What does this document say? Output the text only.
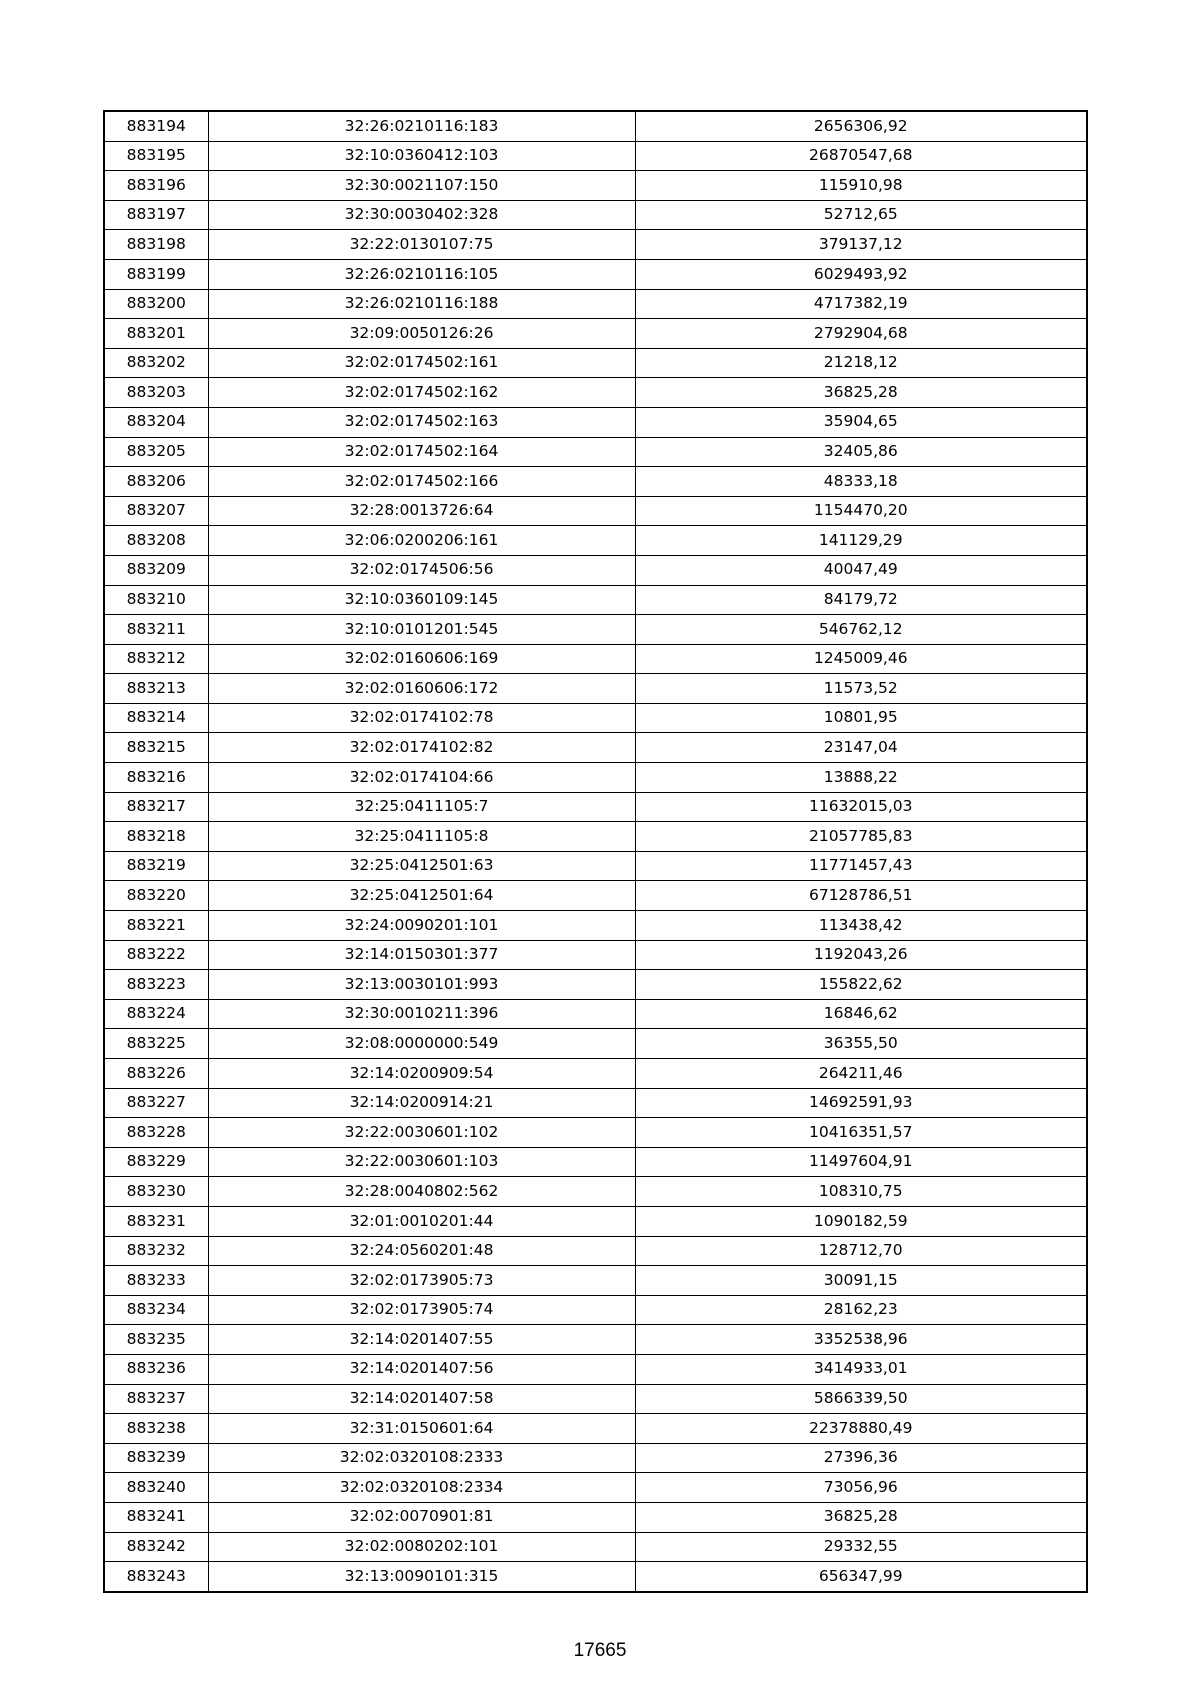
883194	32:26:0210116:183	2656306,92
883195	32:10:0360412:103	26870547,68
883196	32:30:0021107:150	115910,98
883197	32:30:0030402:328	52712,65
883198	32:22:0130107:75	379137,12
883199	32:26:0210116:105	6029493,92
883200	32:26:0210116:188	4717382,19
883201	32:09:0050126:26	2792904,68
883202	32:02:0174502:161	21218,12
883203	32:02:0174502:162	36825,28
883204	32:02:0174502:163	35904,65
883205	32:02:0174502:164	32405,86
883206	32:02:0174502:166	48333,18
883207	32:28:0013726:64	1154470,20
883208	32:06:0200206:161	141129,29
883209	32:02:0174506:56	40047,49
883210	32:10:0360109:145	84179,72
883211	32:10:0101201:545	546762,12
883212	32:02:0160606:169	1245009,46
883213	32:02:0160606:172	11573,52
883214	32:02:0174102:78	10801,95
883215	32:02:0174102:82	23147,04
883216	32:02:0174104:66	13888,22
883217	32:25:0411105:7	11632015,03
883218	32:25:0411105:8	21057785,83
883219	32:25:0412501:63	11771457,43
883220	32:25:0412501:64	67128786,51
883221	32:24:0090201:101	113438,42
883222	32:14:0150301:377	1192043,26
883223	32:13:0030101:993	155822,62
883224	32:30:0010211:396	16846,62
883225	32:08:0000000:549	36355,50
883226	32:14:0200909:54	264211,46
883227	32:14:0200914:21	14692591,93
883228	32:22:0030601:102	10416351,57
883229	32:22:0030601:103	11497604,91
883230	32:28:0040802:562	108310,75
883231	32:01:0010201:44	1090182,59
883232	32:24:0560201:48	128712,70
883233	32:02:0173905:73	30091,15
883234	32:02:0173905:74	28162,23
883235	32:14:0201407:55	3352538,96
883236	32:14:0201407:56	3414933,01
883237	32:14:0201407:58	5866339,50
883238	32:31:0150601:64	22378880,49
883239	32:02:0320108:2333	27396,36
883240	32:02:0320108:2334	73056,96
883241	32:02:0070901:81	36825,28
883242	32:02:0080202:101	29332,55
883243	32:13:0090101:315	656347,99
17665
